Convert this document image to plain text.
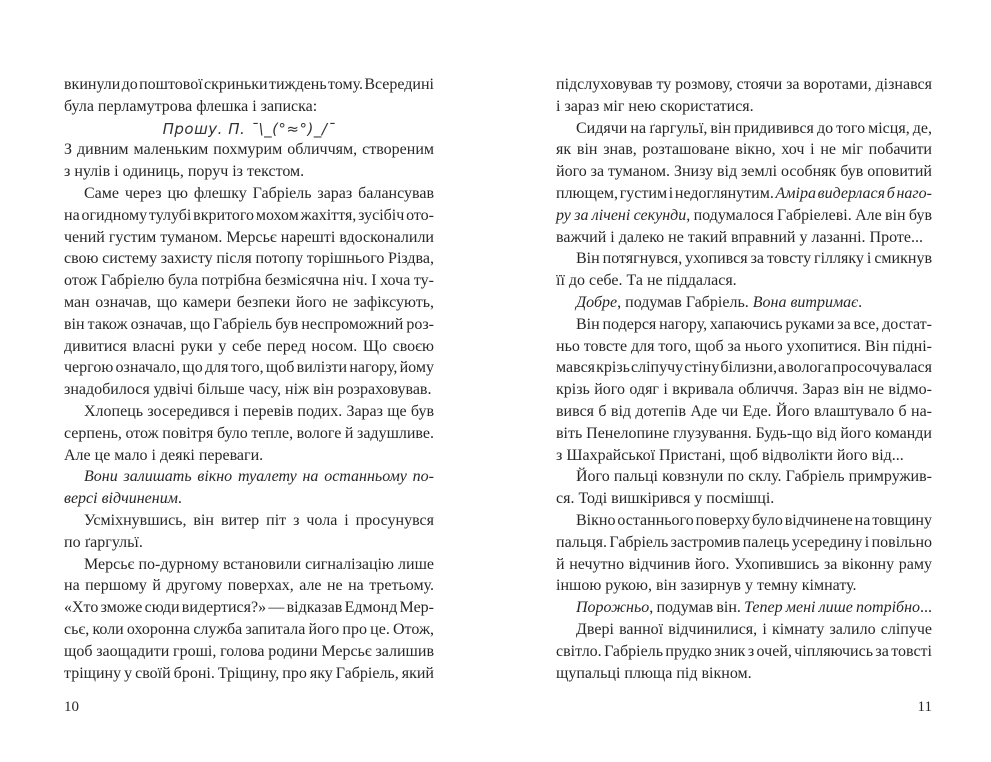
вкинули до поштової скриньки тиждень тому. Всередині
була перламутрова флешка і записка:
Прошу. П. ¯\_(°≈°)_/¯
З дивним маленьким похмурим обличчям, створеним
з нулів і одиниць, поруч із текстом.
Саме через цю флешку Габріель зараз балансував
на огидному тулубі вкритого мохом жахіття, зусібіч ото-
чений густим туманом. Мерсьє нарешті вдосконалили
свою систему захисту після потопу торішнього Різдва,
отож Габріелю була потрібна безмісячна ніч. І хоча ту-
ман означав, що камери безпеки його не зафіксують,
він також означав, що Габріель був неспроможний роз-
дивитися власні руки у себе перед носом. Що своєю
чергою означало, що для того, щоб вилізти нагору, йому
знадобилося удвічі більше часу, ніж він розраховував.
Хлопець зосередився і перевів подих. Зараз ще був
серпень, отож повітря було тепле, вологе й задушливе.
Але це мало і деякі переваги.
Вони залишать вікно туалету на останньому по-
версі відчиненим.
Усміхнувшись, він витер піт з чола і просунувся
по ґаргульї.
Мерсьє по-дурному встановили сигналізацію лише
на першому й другому поверхах, але не на третьому.
«Хто зможе сюди видертися?» — відказав Едмонд Мер-
сьє, коли охоронна служба запитала його про це. Отож,
щоб заощадити гроші, голова родини Мерсьє залишив
тріщину у своїй броні. Тріщину, про яку Габріель, який
10
підслуховував ту розмову, стоячи за воротами, дізнався
і зараз міг нею скористатися.
Сидячи на ґаргульї, він придивився до того місця, де,
як він знав, розташоване вікно, хоч і не міг побачити
його за туманом. Знизу від землі особняк був оповитий
плющем, густим і недоглянутим. Аміра видерлася б наго-
ру за лічені секунди, подумалося Габріелеві. Але він був
важчий і далеко не такий вправний у лазанні. Проте...
Він потягнувся, ухопився за товсту гілляку і смикнув
її до себе. Та не піддалася.
Добре, подумав Габріель. Вона витримає.
Він подерся нагору, хапаючись руками за все, достат-
ньо товсте для того, щоб за нього ухопитися. Він підні-
мався крізь сліпучу стіну білизни, а волога просочувалася
крізь його одяг і вкривала обличчя. Зараз він не відмо-
вився б від дотепів Аде чи Еде. Його влаштувало б на-
віть Пенелопине глузування. Будь-що від його команди
з Шахрайської Пристані, щоб відволікти його від...
Його пальці ковзнули по склу. Габріель примружив-
ся. Тоді вишкірився у посмішці.
Вікно останнього поверху було відчинене на товщину
пальця. Габріель застромив палець усередину і повільно
й нечутно відчинив його. Ухопившись за віконну раму
іншою рукою, він зазирнув у темну кімнату.
Порожньо, подумав він. Тепер мені лише потрібно...
Двері ванної відчинилися, і кімнату залило сліпуче
світло. Габріель прудко зник з очей, чіпляючись за товсті
щупальці плюща під вікном.
11
